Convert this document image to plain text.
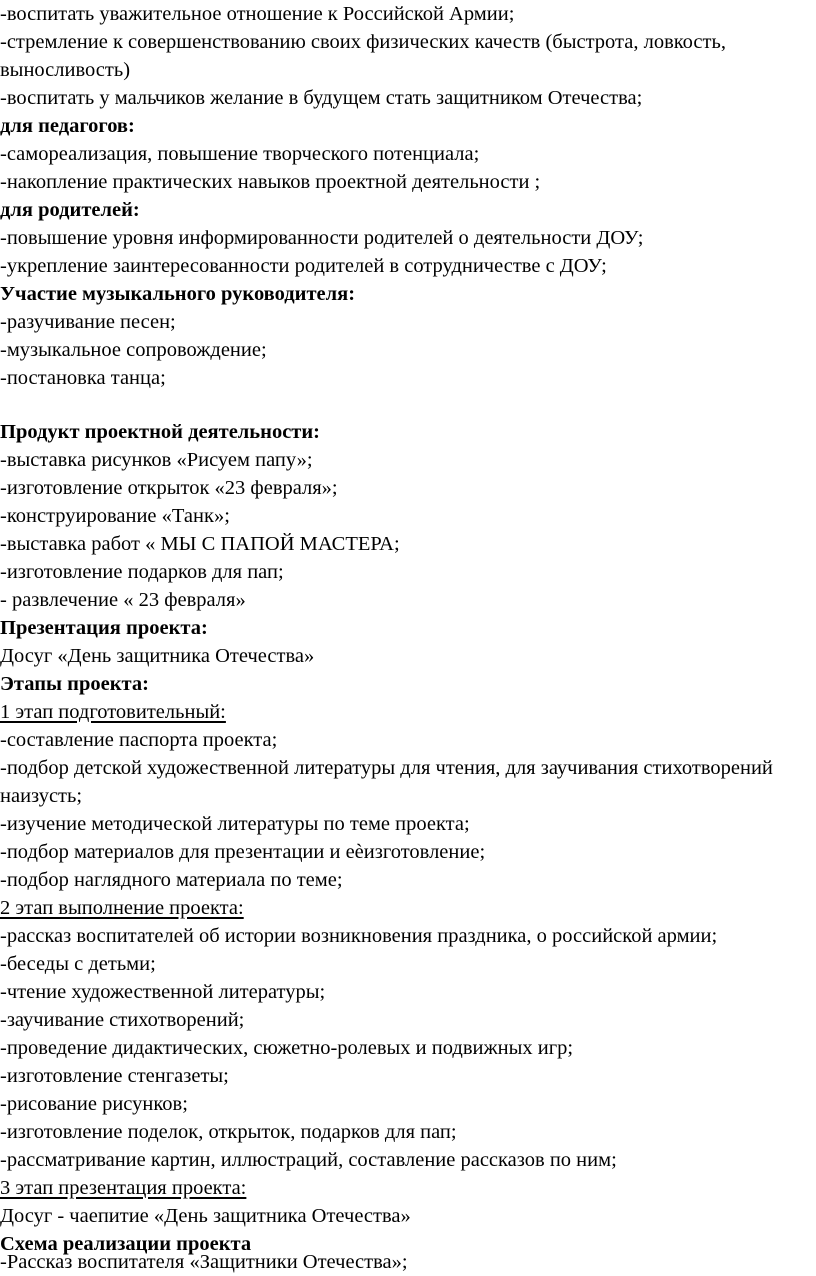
-воспитать уважительное отношение к Российской Армии;
-стремление к совершенствованию своих физических качеств (быстрота, ловкость,
выносливость)
-воспитать у мальчиков желание в будущем стать защитником Отечества;
для педагогов:
-самореализация, повышение творческого потенциала;
-накопление практических навыков проектной деятельности ;
для родителей:
-повышение уровня информированности родителей о деятельности ДОУ;
-укрепление заинтересованности родителей в сотрудничестве с ДОУ;
Участие музыкального руководителя:
-разучивание песен;
-музыкальное сопровождение;
-постановка танца;
Продукт проектной деятельности:
-выставка рисунков «Рисуем папу»;
-изготовление открыток «23 февраля»;
-конструирование «Танк»;
-выставка работ « МЫ С ПАПОЙ МАСТЕРА;
-изготовление подарков для пап;
- развлечение « 23 февраля»
Презентация проекта:
Досуг «День защитника Отечества»
Этапы проекта:
1 этап подготовительный:
-составление паспорта проекта;
-подбор детской художественной литературы для чтения, для заучивания стихотворений
наизусть;
-изучение методической литературы по теме проекта;
-подбор материалов для презентации и еѐизготовление;
-подбор наглядного материала по теме;
2 этап выполнение проекта:
-рассказ воспитателей об истории возникновения праздника, о российской армии;
-беседы с детьми;
-чтение художественной литературы;
-заучивание стихотворений;
-проведение дидактических, сюжетно-ролевых и подвижных игр;
-изготовление стенгазеты;
-рисование рисунков;
-изготовление поделок, открыток, подарков для пап;
-рассматривание картин, иллюстраций, составление рассказов по ним;
3 этап презентация проекта:
Досуг - чаепитие «День защитника Отечества»
Схема реализации проекта
-Рассказ воспитателя «Защитники Отечества»;
